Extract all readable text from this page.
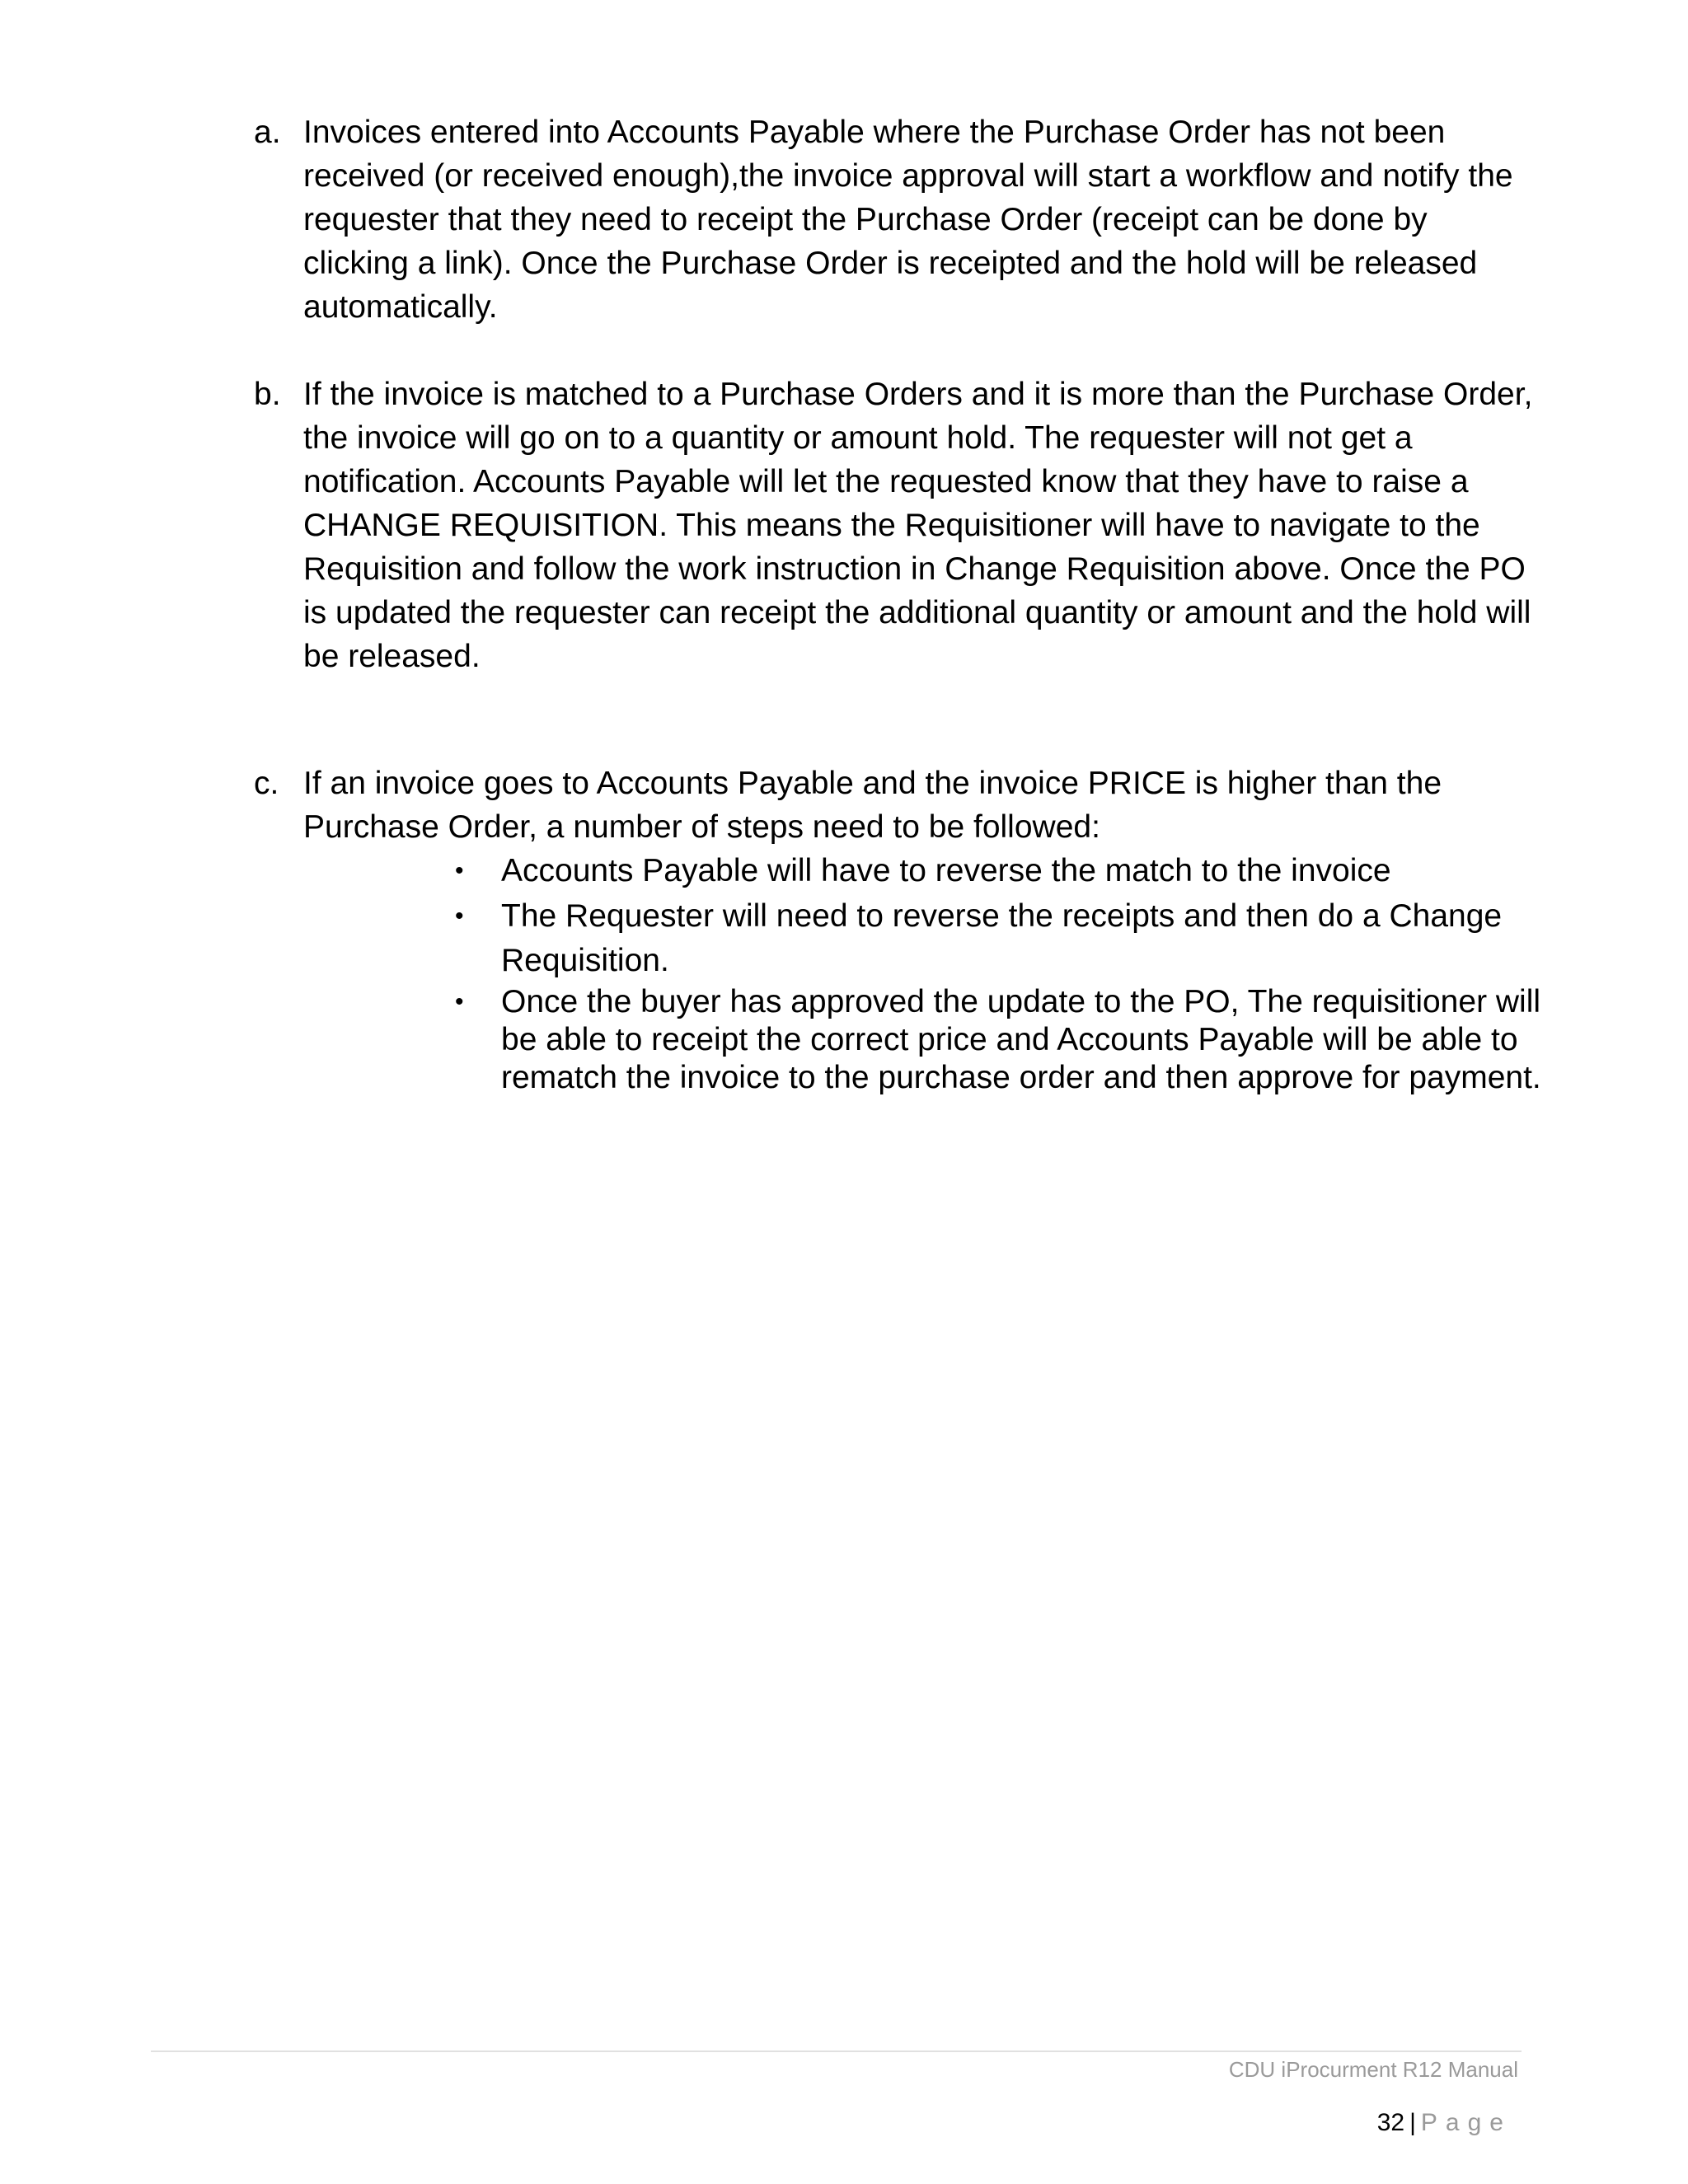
a. Invoices entered into Accounts Payable where the Purchase Order has not been received (or received enough),the invoice approval will start a workflow and notify the requester that they need to receipt the Purchase Order (receipt can be done by clicking a link). Once the Purchase Order is receipted and the hold will be released automatically.

b. If the invoice is matched to a Purchase Orders and it is more than the Purchase Order, the invoice will go on to a quantity or amount hold. The requester will not get a notification. Accounts Payable will let the requested know that they have to raise a CHANGE REQUISITION. This means the Requisitioner will have to navigate to the Requisition and follow the work instruction in Change Requisition above. Once the PO is updated the requester can receipt the additional quantity or amount and the hold will be released.

c. If an invoice goes to Accounts Payable and the invoice PRICE is higher than the Purchase Order, a number of steps need to be followed:

•	Accounts Payable will have to reverse the match to the invoice
•	The Requester will need to reverse the receipts and then do a Change Requisition.
•	Once the buyer has approved the update to the PO, The requisitioner will be able to receipt the correct price and Accounts Payable will be able to rematch the invoice to the purchase order and then approve for payment.
CDU iProcurment R12 Manual
32 | Page
